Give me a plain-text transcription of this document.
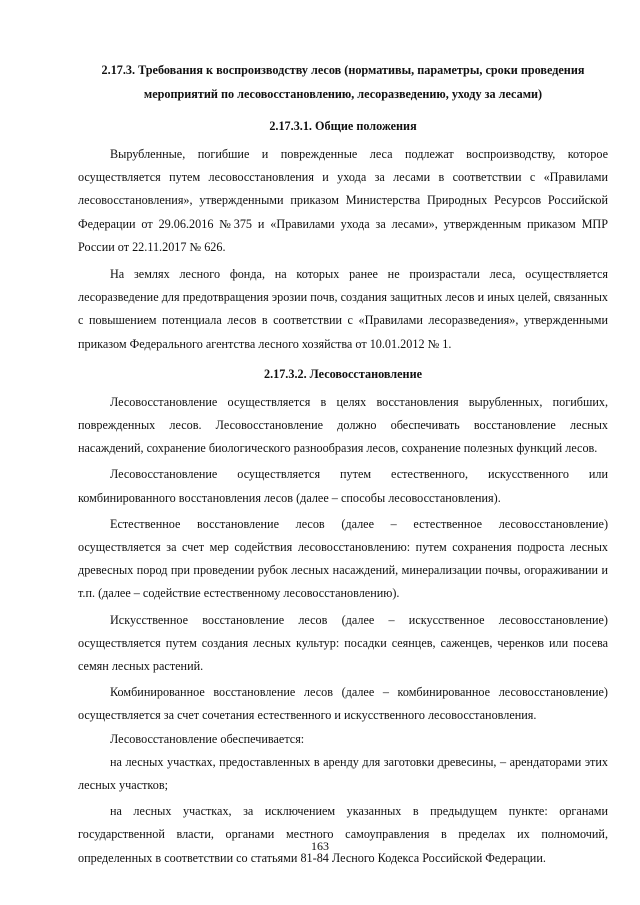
2.17.3. Требования к воспроизводству лесов (нормативы, параметры, сроки проведения мероприятий по лесовосстановлению, лесоразведению, уходу за лесами)
2.17.3.1. Общие положения

Вырубленные, погибшие и поврежденные леса подлежат воспроизводству, которое осуществляется путем лесовосстановления и ухода за лесами в соответствии с «Правилами лесовосстановления», утвержденными приказом Министерства Природных Ресурсов Российской Федерации от 29.06.2016 №375 и «Правилами ухода за лесами», утвержденным приказом МПР России от 22.11.2017 № 626.

На землях лесного фонда, на которых ранее не произрастали леса, осуществляется лесоразведение для предотвращения эрозии почв, создания защитных лесов и иных целей, связанных с повышением потенциала лесов в соответствии с «Правилами лесоразведения», утвержденными приказом Федерального агентства лесного хозяйства от 10.01.2012 № 1.

2.17.3.2. Лесовосстановление

Лесовосстановление осуществляется в целях восстановления вырубленных, погибших, поврежденных лесов. Лесовосстановление должно обеспечивать восстановление лесных насаждений, сохранение биологического разнообразия лесов, сохранение полезных функций лесов.

Лесовосстановление осуществляется путем естественного, искусственного или комбинированного восстановления лесов (далее – способы лесовосстановления).

Естественное восстановление лесов (далее – естественное лесовосстановление) осуществляется за счет мер содействия лесовосстановлению: путем сохранения подроста лесных древесных пород при проведении рубок лесных насаждений, минерализации почвы, огораживании и т.п. (далее – содействие естественному лесовосстановлению).

Искусственное восстановление лесов (далее – искусственное лесовосстановление) осуществляется путем создания лесных культур: посадки сеянцев, саженцев, черенков или посева семян лесных растений.

Комбинированное восстановление лесов (далее – комбинированное лесовосстановление) осуществляется за счет сочетания естественного и искусственного лесовосстановления.

Лесовосстановление обеспечивается:

на лесных участках, предоставленных в аренду для заготовки древесины, – арендаторами этих лесных участков;

на лесных участках, за исключением указанных в предыдущем пункте: органами государственной власти, органами местного самоуправления в пределах их полномочий, определенных в соответствии со статьями 81-84 Лесного Кодекса Российской Федерации.

163
